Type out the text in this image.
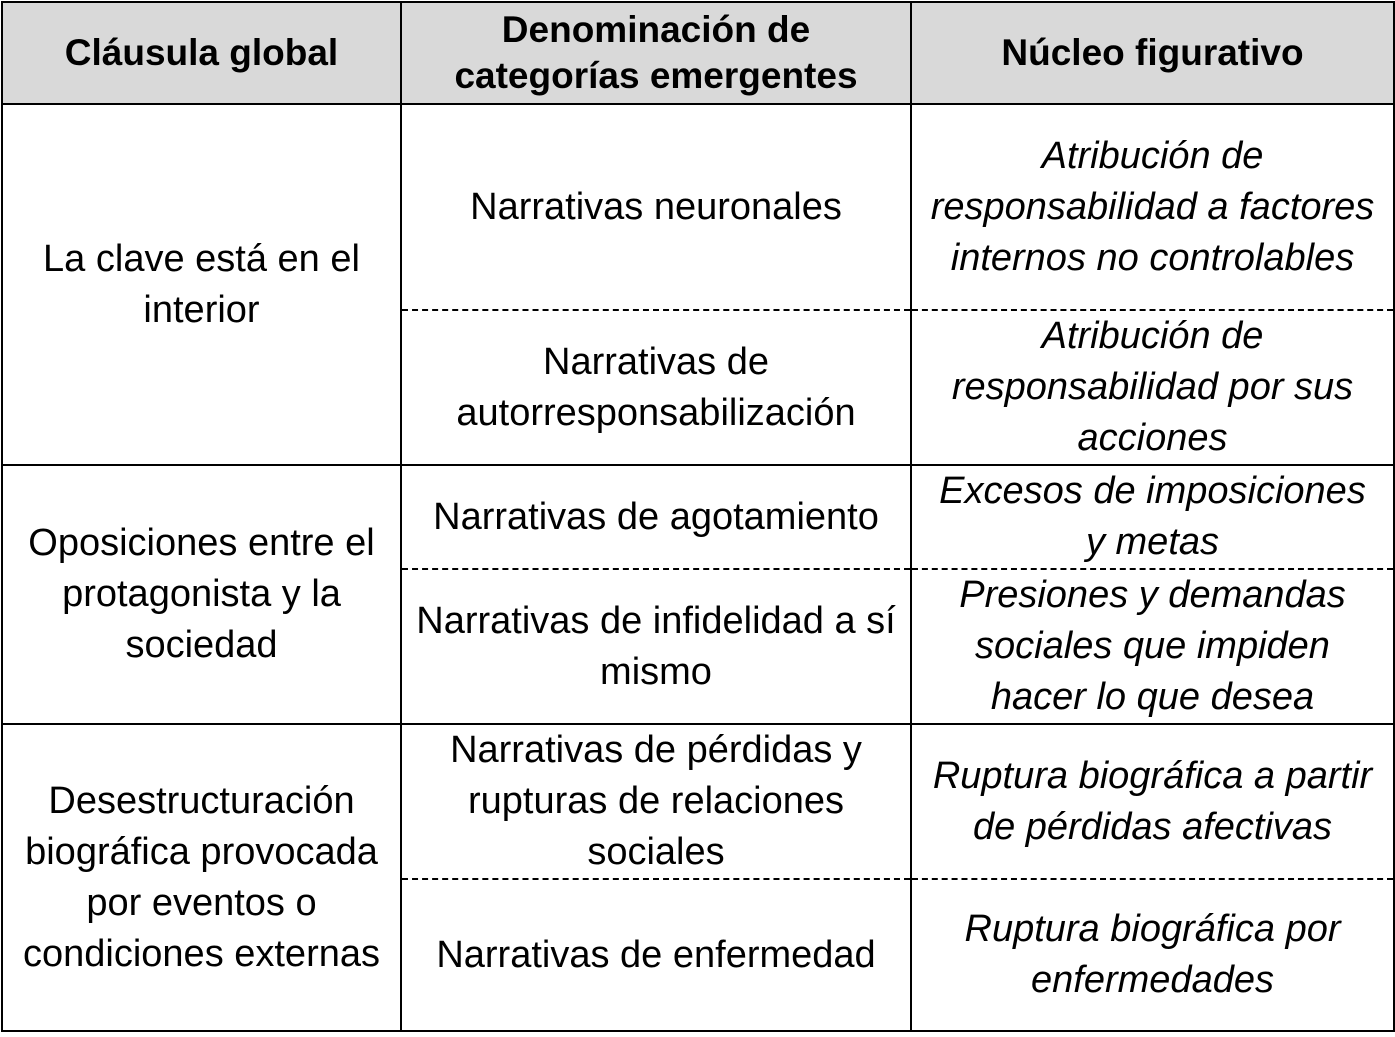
Cláusula global	Denominación de categorías emergentes	Núcleo figurativo
La clave está en el interior	Narrativas neuronales	Atribución de responsabilidad a factores internos no controlables
	Narrativas de autorresponsabilización	Atribución de responsabilidad por sus acciones
Oposiciones entre el protagonista y la sociedad	Narrativas de agotamiento	Excesos de imposiciones y metas
	Narrativas de infidelidad a sí mismo	Presiones y demandas sociales que impiden hacer lo que desea
Desestructuración biográfica provocada por eventos o condiciones externas	Narrativas de pérdidas y rupturas de relaciones sociales	Ruptura biográfica a partir de pérdidas afectivas
	Narrativas de enfermedad	Ruptura biográfica por enfermedades
